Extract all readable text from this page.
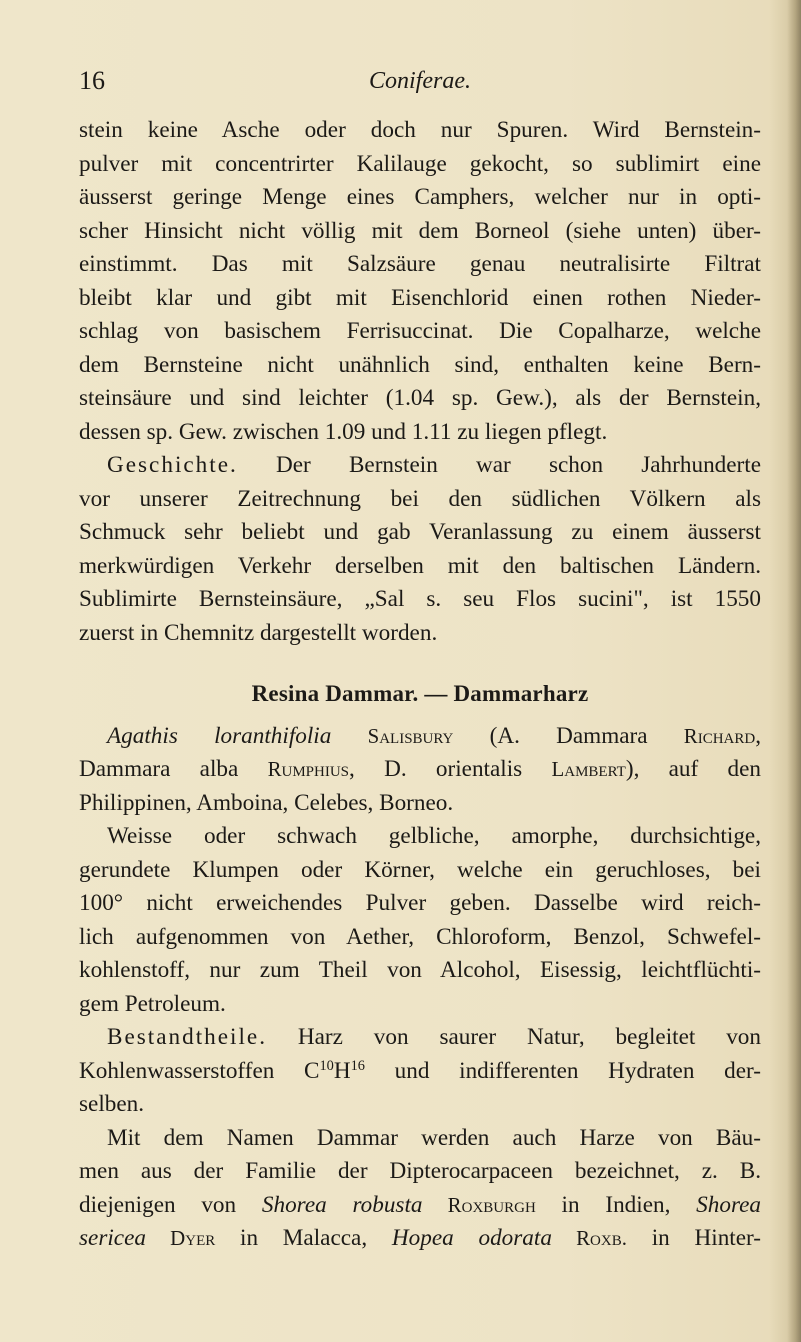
16	Coniferae.
stein keine Asche oder doch nur Spuren. Wird Bernstein-
pulver mit concentrirter Kalilauge gekocht, so sublimirt eine
äusserst geringe Menge eines Camphers, welcher nur in opti-
scher Hinsicht nicht völlig mit dem Borneol (siehe unten) über-
einstimmt. Das mit Salzsäure genau neutralisirte Filtrat
bleibt klar und gibt mit Eisenchlorid einen rothen Nieder-
schlag von basischem Ferrisuccinat. Die Copalharze, welche
dem Bernsteine nicht unähnlich sind, enthalten keine Bern-
steinsäure und sind leichter (1.04 sp. Gew.), als der Bernstein,
dessen sp. Gew. zwischen 1.09 und 1.11 zu liegen pflegt.
Geschichte. Der Bernstein war schon Jahrhunderte
vor unserer Zeitrechnung bei den südlichen Völkern als
Schmuck sehr beliebt und gab Veranlassung zu einem äusserst
merkwürdigen Verkehr derselben mit den baltischen Ländern.
Sublimirte Bernsteinsäure, „Sal s. seu Flos sucini", ist 1550
zuerst in Chemnitz dargestellt worden.
Resina Dammar. — Dammarharz
Agathis loranthifolia Salisbury (A. Dammara Richard,
Dammara alba Rumphius, D. orientalis Lambert), auf den
Philippinen, Amboina, Celebes, Borneo.
Weisse oder schwach gelbliche, amorphe, durchsichtige,
gerundete Klumpen oder Körner, welche ein geruchloses, bei
100° nicht erweichendes Pulver geben. Dasselbe wird reich-
lich aufgenommen von Aether, Chloroform, Benzol, Schwefel-
kohlenstoff, nur zum Theil von Alcohol, Eisessig, leichtflüchti-
gem Petroleum.
Bestandtheile. Harz von saurer Natur, begleitet von
Kohlenwasserstoffen $C^{10}H^{16}$ und indifferenten Hydraten der-
selben.
Mit dem Namen Dammar werden auch Harze von Bäu-
men aus der Familie der Dipterocarpaceen bezeichnet, z. B.
diejenigen von Shorea robusta Roxburgh in Indien, Shorea
sericea Dyer in Malacca, Hopea odorata Roxb. in Hinter-
